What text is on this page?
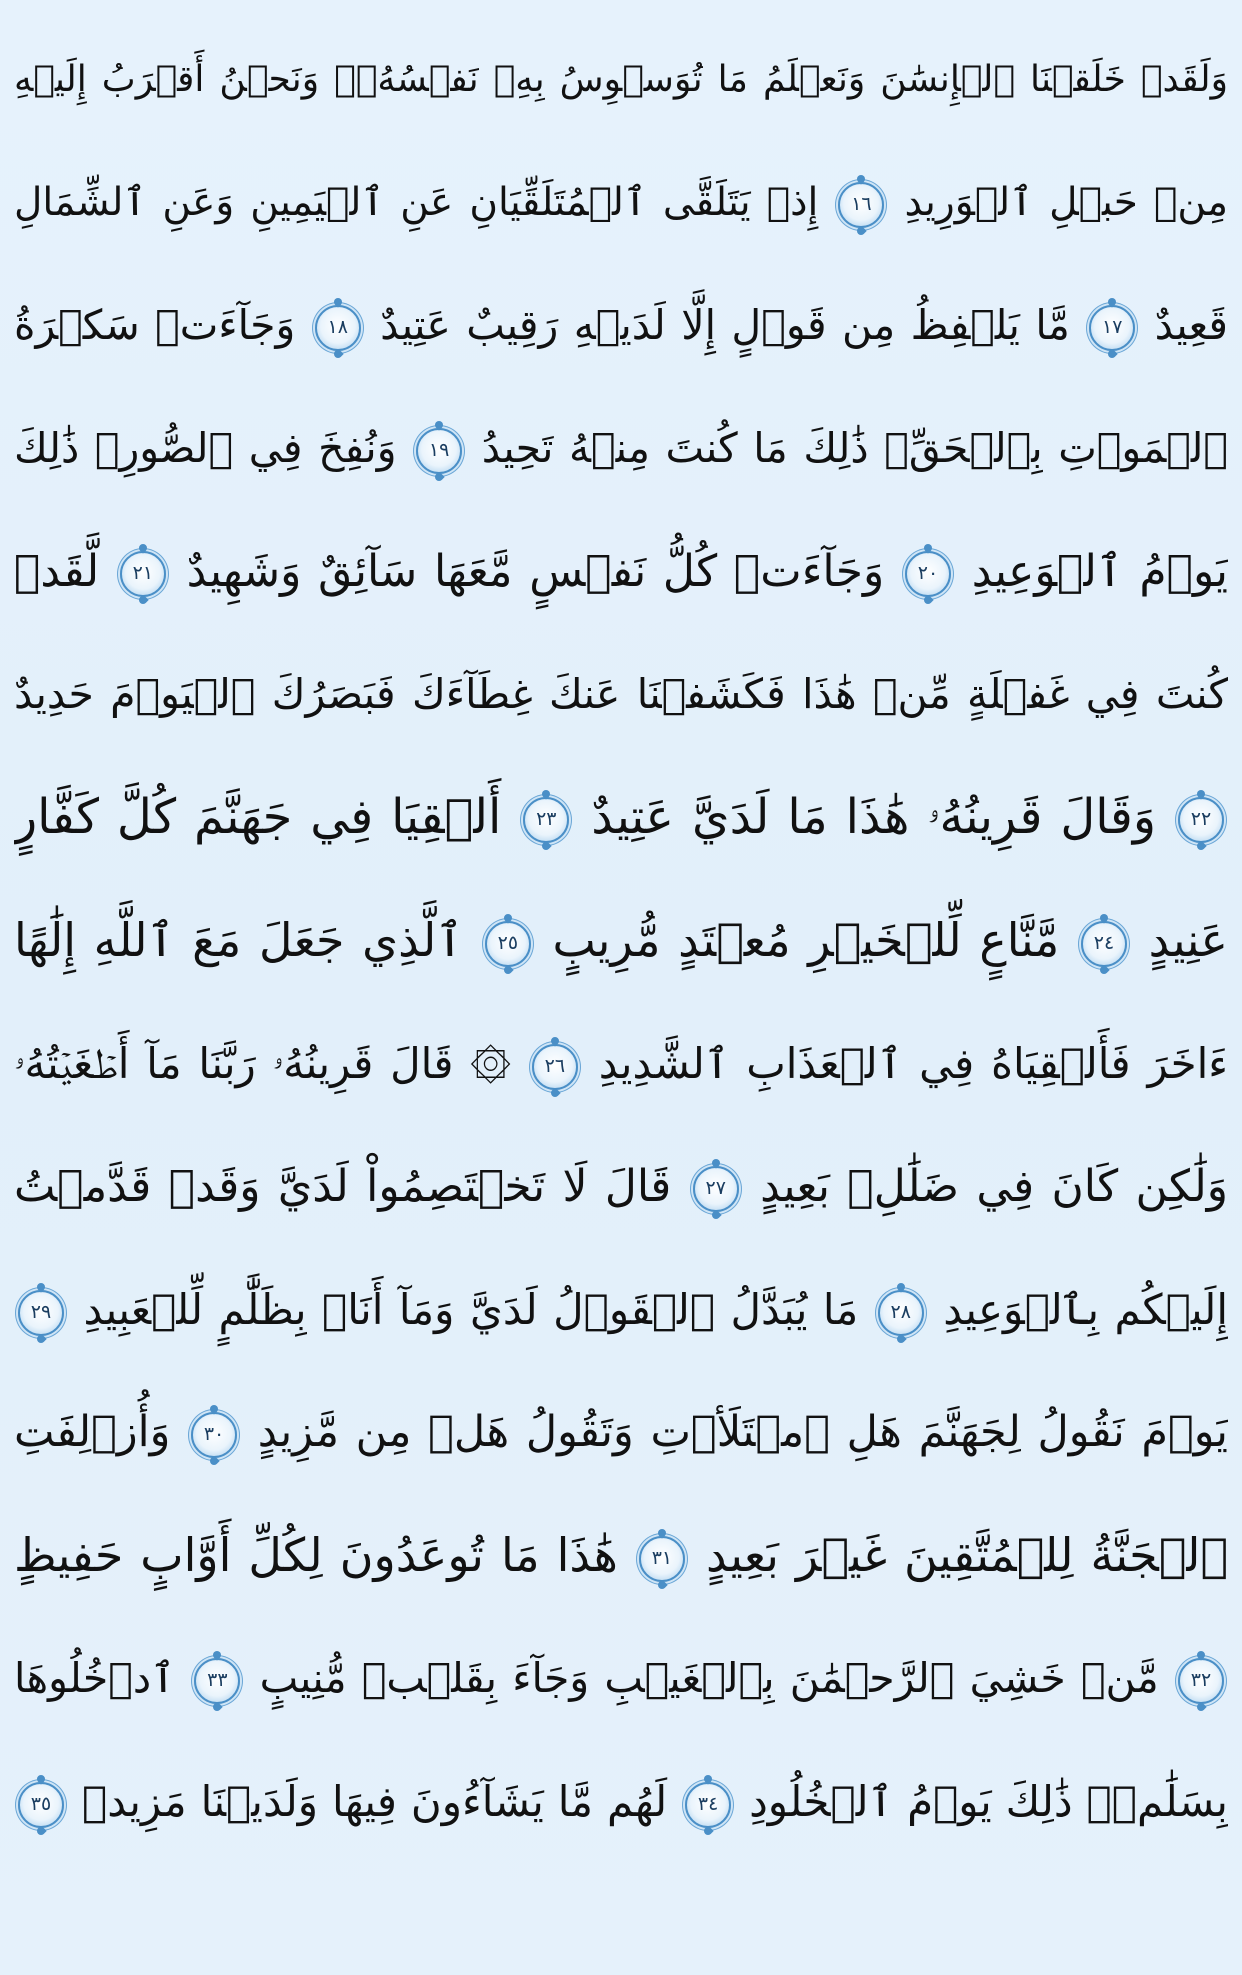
وَلَقَدۡ خَلَقۡنَا ٱلۡإِنسَٰنَ وَنَعۡلَمُ مَا تُوَسۡوِسُ بِهِۦ نَفۡسُهُۥۖ وَنَحۡنُ أَقۡرَبُ إِلَيۡهِ
مِنۡ حَبۡلِ ٱلۡوَرِيدِ ١٦ إِذۡ يَتَلَقَّى ٱلۡمُتَلَقِّيَانِ عَنِ ٱلۡيَمِينِ وَعَنِ ٱلشِّمَالِ
قَعِيدٌ ١٧ مَّا يَلۡفِظُ مِن قَوۡلٍ إِلَّا لَدَيۡهِ رَقِيبٌ عَتِيدٌ ١٨ وَجَآءَتۡ سَكۡرَةُ
ٱلۡمَوۡتِ بِٱلۡحَقِّۖ ذَٰلِكَ مَا كُنتَ مِنۡهُ تَحِيدُ ١٩ وَنُفِخَ فِي ٱلصُّورِۚ ذَٰلِكَ
يَوۡمُ ٱلۡوَعِيدِ ٢٠ وَجَآءَتۡ كُلُّ نَفۡسٍ مَّعَهَا سَآئِقٌ وَشَهِيدٌ ٢١ لَّقَدۡ
كُنتَ فِي غَفۡلَةٍ مِّنۡ هَٰذَا فَكَشَفۡنَا عَنكَ غِطَآءَكَ فَبَصَرُكَ ٱلۡيَوۡمَ حَدِيدٌ
٢٢ وَقَالَ قَرِينُهُۥ هَٰذَا مَا لَدَيَّ عَتِيدٌ ٢٣ أَلۡقِيَا فِي جَهَنَّمَ كُلَّ كَفَّارٍ
عَنِيدٍ ٢٤ مَّنَّاعٍ لِّلۡخَيۡرِ مُعۡتَدٍ مُّرِيبٍ ٢٥ ٱلَّذِي جَعَلَ مَعَ ٱللَّهِ إِلَٰهًا
ءَاخَرَ فَأَلۡقِيَاهُ فِي ٱلۡعَذَابِ ٱلشَّدِيدِ ٢٦ ۞ قَالَ قَرِينُهُۥ رَبَّنَا مَآ أَطۡغَيۡتُهُۥ
وَلَٰكِن كَانَ فِي ضَلَٰلِۭ بَعِيدٍ ٢٧ قَالَ لَا تَخۡتَصِمُواْ لَدَيَّ وَقَدۡ قَدَّمۡتُ
إِلَيۡكُم بِٱلۡوَعِيدِ ٢٨ مَا يُبَدَّلُ ٱلۡقَوۡلُ لَدَيَّ وَمَآ أَنَا۠ بِظَلَّٰمٍ لِّلۡعَبِيدِ ٢٩
يَوۡمَ نَقُولُ لِجَهَنَّمَ هَلِ ٱمۡتَلَأۡتِ وَتَقُولُ هَلۡ مِن مَّزِيدٍ ٣٠ وَأُزۡلِفَتِ
ٱلۡجَنَّةُ لِلۡمُتَّقِينَ غَيۡرَ بَعِيدٍ ٣١ هَٰذَا مَا تُوعَدُونَ لِكُلِّ أَوَّابٍ حَفِيظٍ
٣٢ مَّنۡ خَشِيَ ٱلرَّحۡمَٰنَ بِٱلۡغَيۡبِ وَجَآءَ بِقَلۡبٖ مُّنِيبٍ ٣٣ ٱدۡخُلُوهَا
بِسَلَٰمٖۖ ذَٰلِكَ يَوۡمُ ٱلۡخُلُودِ ٣٤ لَهُم مَّا يَشَآءُونَ فِيهَا وَلَدَيۡنَا مَزِيدٞ ٣٥
